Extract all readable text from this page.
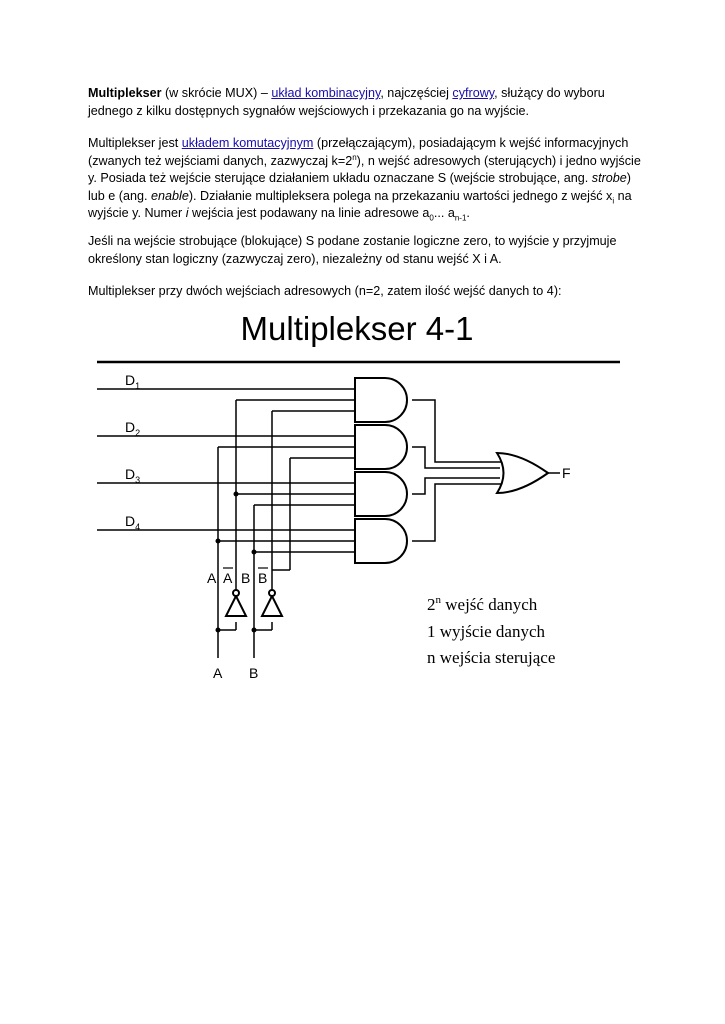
Multiplekser (w skrócie MUX) – układ kombinacyjny, najczęściej cyfrowy, służący do wyboru jednego z kilku dostępnych sygnałów wejściowych i przekazania go na wyjście.

Multiplekser jest układem komutacyjnym (przełączającym), posiadającym k wejść informacyjnych (zwanych też wejściami danych, zazwyczaj $k=2^n$), n wejść adresowych (sterujących) i jedno wyjście y. Posiada też wejście sterujące działaniem układu oznaczane S (wejście strobujące, ang. strobe) lub e (ang. enable). Działanie multipleksera polega na przekazaniu wartości jednego z wejść $x_i$ na wyjście y. Numer i wejścia jest podawany na linie adresowe $a_0$... $a_{n-1}$.

Jeśli na wejście strobujące (blokujące) S podane zostanie logiczne zero, to wyjście y przyjmuje określony stan logiczny (zazwyczaj zero), niezależny od stanu wejść X i A.

Multiplekser przy dwóch wejściach adresowych (n=2, zatem ilość wejść danych to 4):

Multiplekser 4-1
$D_1$
$D_2$
$D_3$
$D_4$
F
A A B B
A B
2$^n$ wejść danych
1 wyjście danych
n wejścia sterujące
